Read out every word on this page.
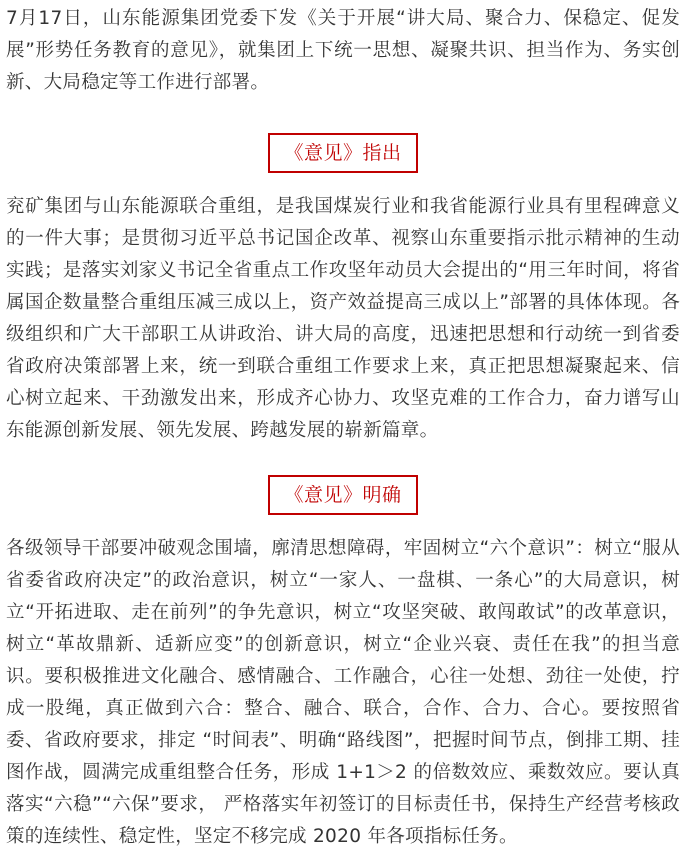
7月17日，山东能源集团党委下发《关于开展“讲大局、聚合力、保稳定、促发展”形势任务教育的意见》，就集团上下统一思想、凝聚共识、担当作为、务实创新、大局稳定等工作进行部署。

《意见》指出

兖矿集团与山东能源联合重组，是我国煤炭行业和我省能源行业具有里程碑意义的一件大事；是贯彻习近平总书记国企改革、视察山东重要指示批示精神的生动实践；是落实刘家义书记全省重点工作攻坚年动员大会提出的“用三年时间，将省属国企数量整合重组压减三成以上，资产效益提高三成以上”部署的具体体现。各级组织和广大干部职工从讲政治、讲大局的高度，迅速把思想和行动统一到省委省政府决策部署上来，统一到联合重组工作要求上来，真正把思想凝聚起来、信心树立起来、干劲激发出来，形成齐心协力、攻坚克难的工作合力，奋力谱写山东能源创新发展、领先发展、跨越发展的崭新篇章。

《意见》明确

各级领导干部要冲破观念围墙，廓清思想障碍，牢固树立“六个意识”：树立“服从省委省政府决定”的政治意识，树立“一家人、一盘棋、一条心”的大局意识，树立“开拓进取、走在前列”的争先意识，树立“攻坚突破、敢闯敢试”的改革意识，树立“革故鼎新、适新应变”的创新意识，树立“企业兴衰、责任在我”的担当意识。要积极推进文化融合、感情融合、工作融合，心往一处想、劲往一处使，拧成一股绳，真正做到六合：整合、融合、联合，合作、合力、合心。要按照省委、省政府要求，排定 “时间表”、明确“路线图”，把握时间节点，倒排工期、挂图作战，圆满完成重组整合任务，形成 1+1＞2 的倍数效应、乘数效应。要认真落实“六稳”“六保”要求， 严格落实年初签订的目标责任书，保持生产经营考核政策的连续性、稳定性，坚定不移完成 2020 年各项指标任务。
